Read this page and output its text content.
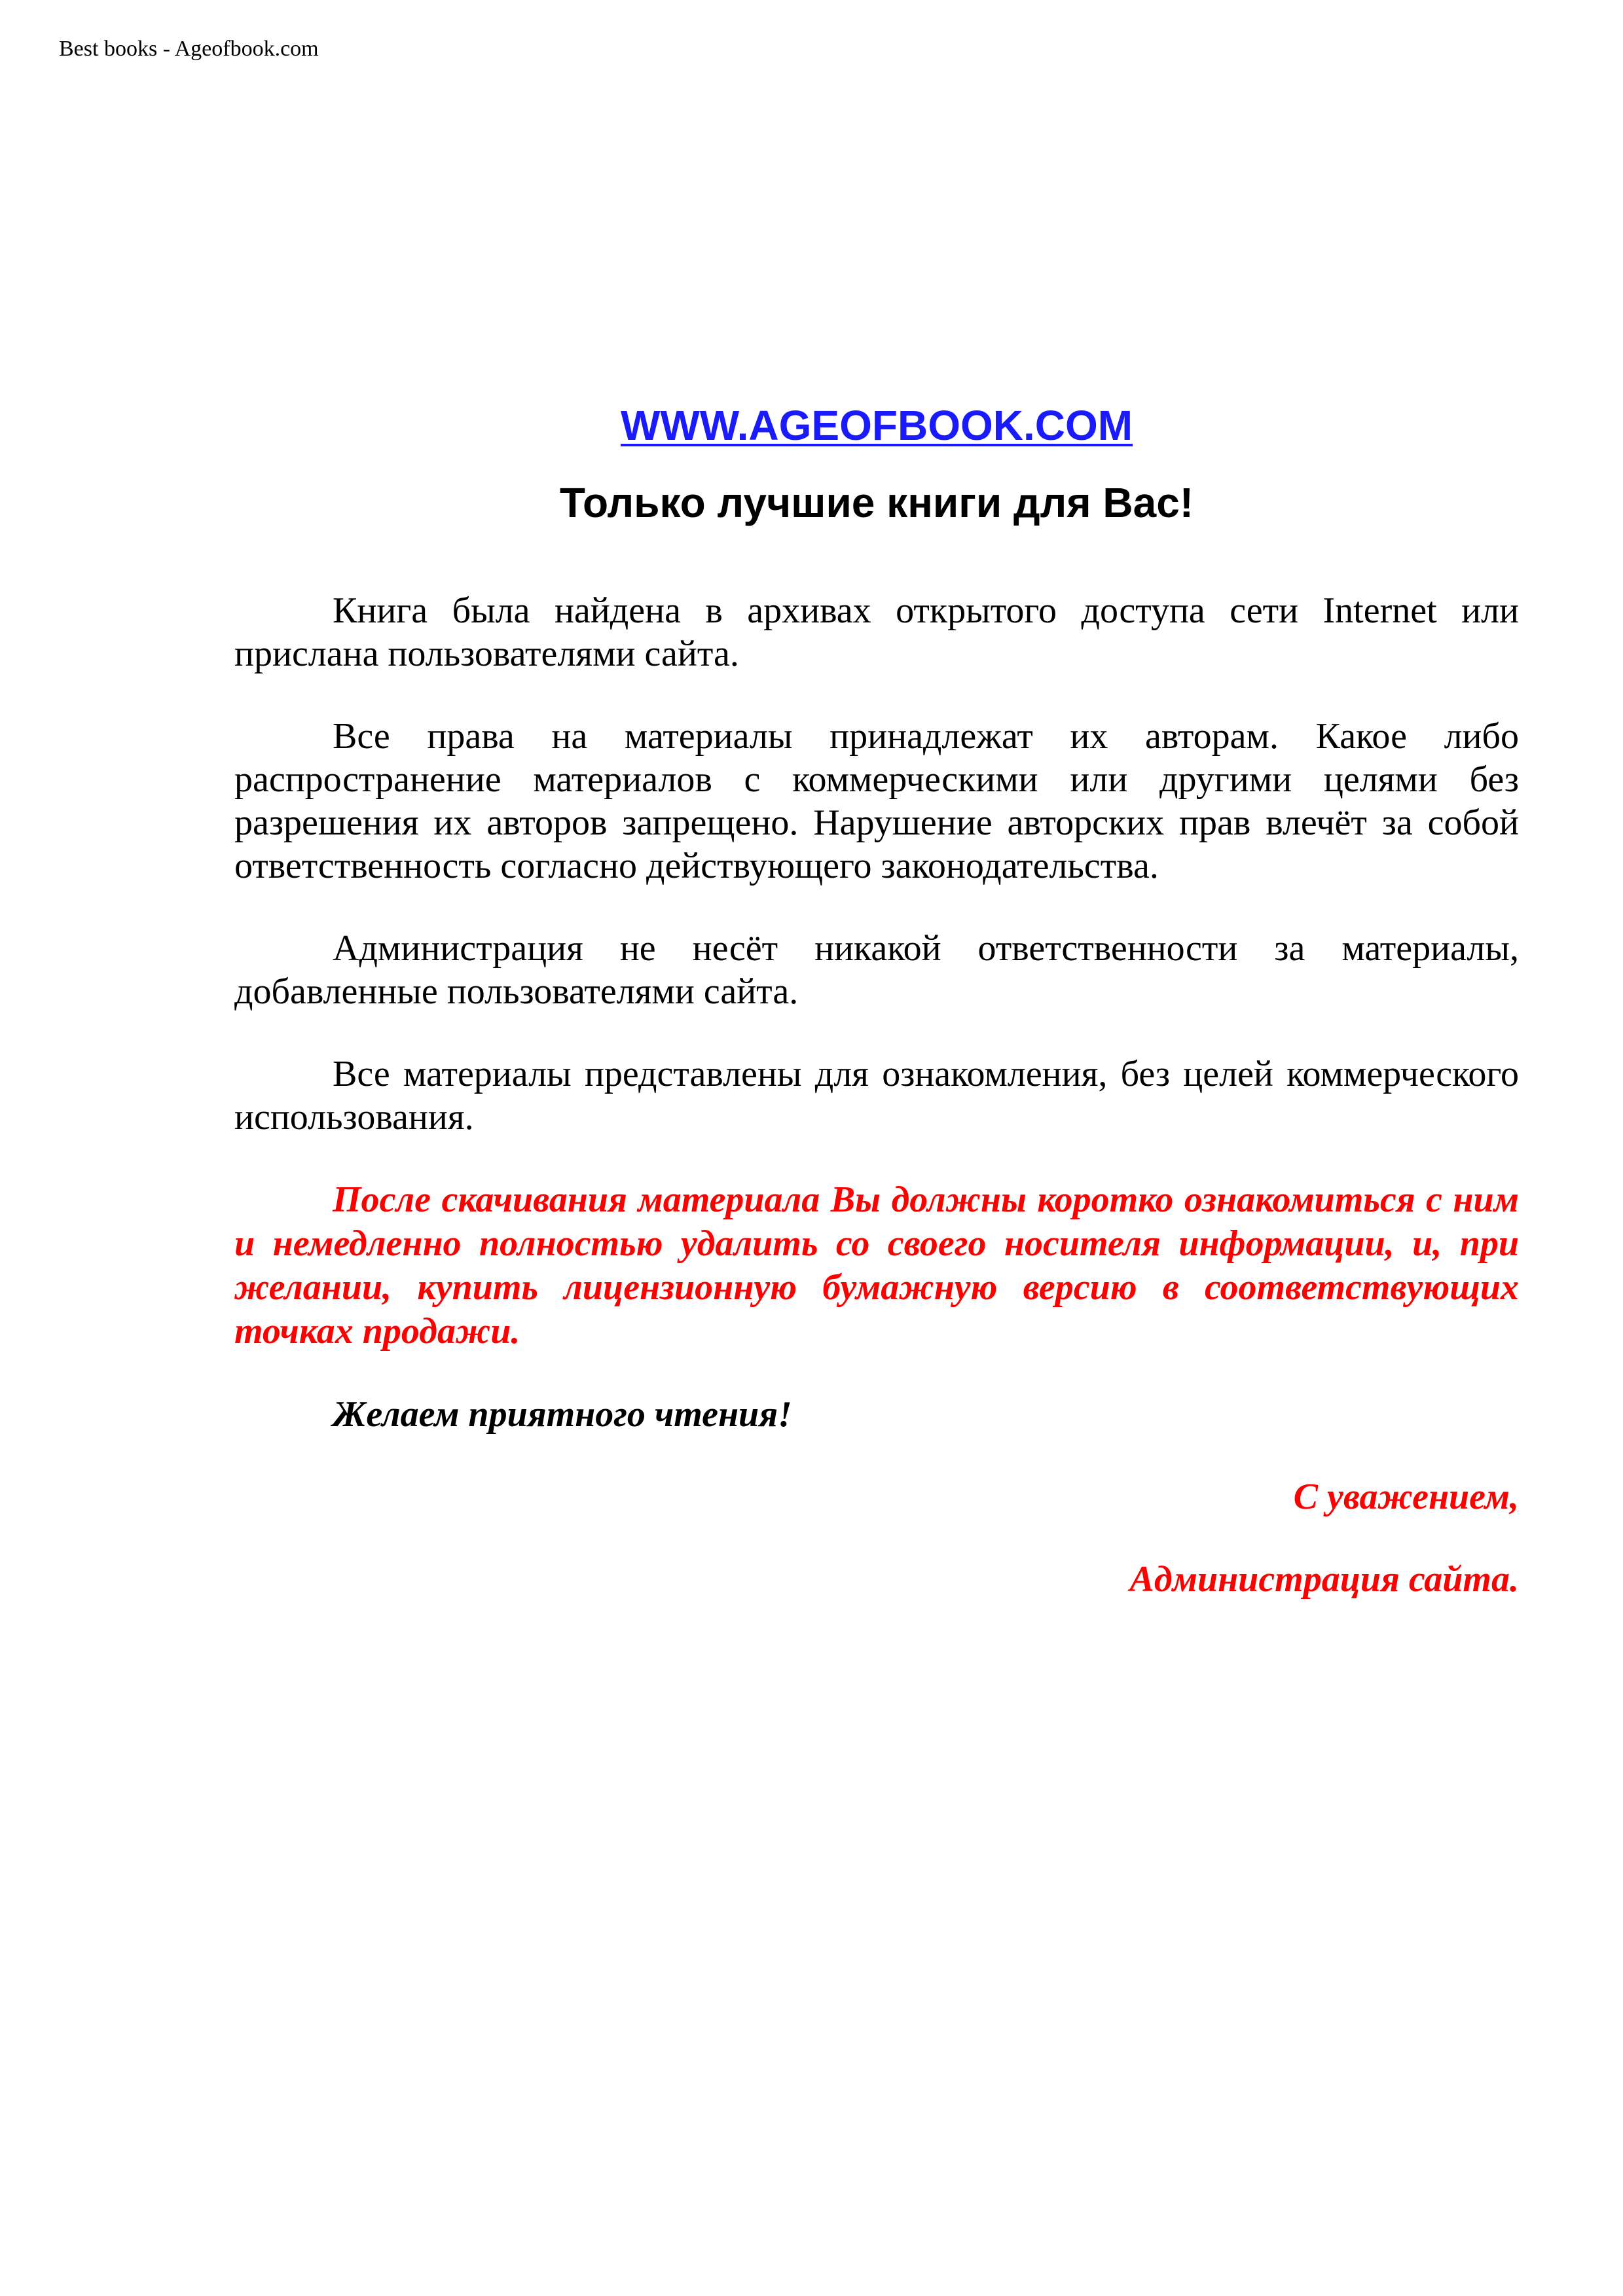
Best books - Ageofbook.com
WWW.AGEOFBOOK.COM
Только лучшие книги для Вас!

Книга была найдена в архивах открытого доступа сети Internet или прислана пользователями сайта.

Все права на материалы принадлежат их авторам. Какое либо распространение материалов с коммерческими или другими целями без разрешения их авторов запрещено. Нарушение авторских прав влечёт за собой ответственность согласно действующего законодательства.

Администрация не несёт никакой ответственности за материалы, добавленные пользователями сайта.

Все материалы представлены для ознакомления, без целей коммерческого использования.

После скачивания материала Вы должны коротко ознакомиться с ним и немедленно полностью удалить со своего носителя информации, и, при желании, купить лицензионную бумажную версию в соответствующих точках продажи.

Желаем приятного чтения!

С уважением,

Администрация сайта.
